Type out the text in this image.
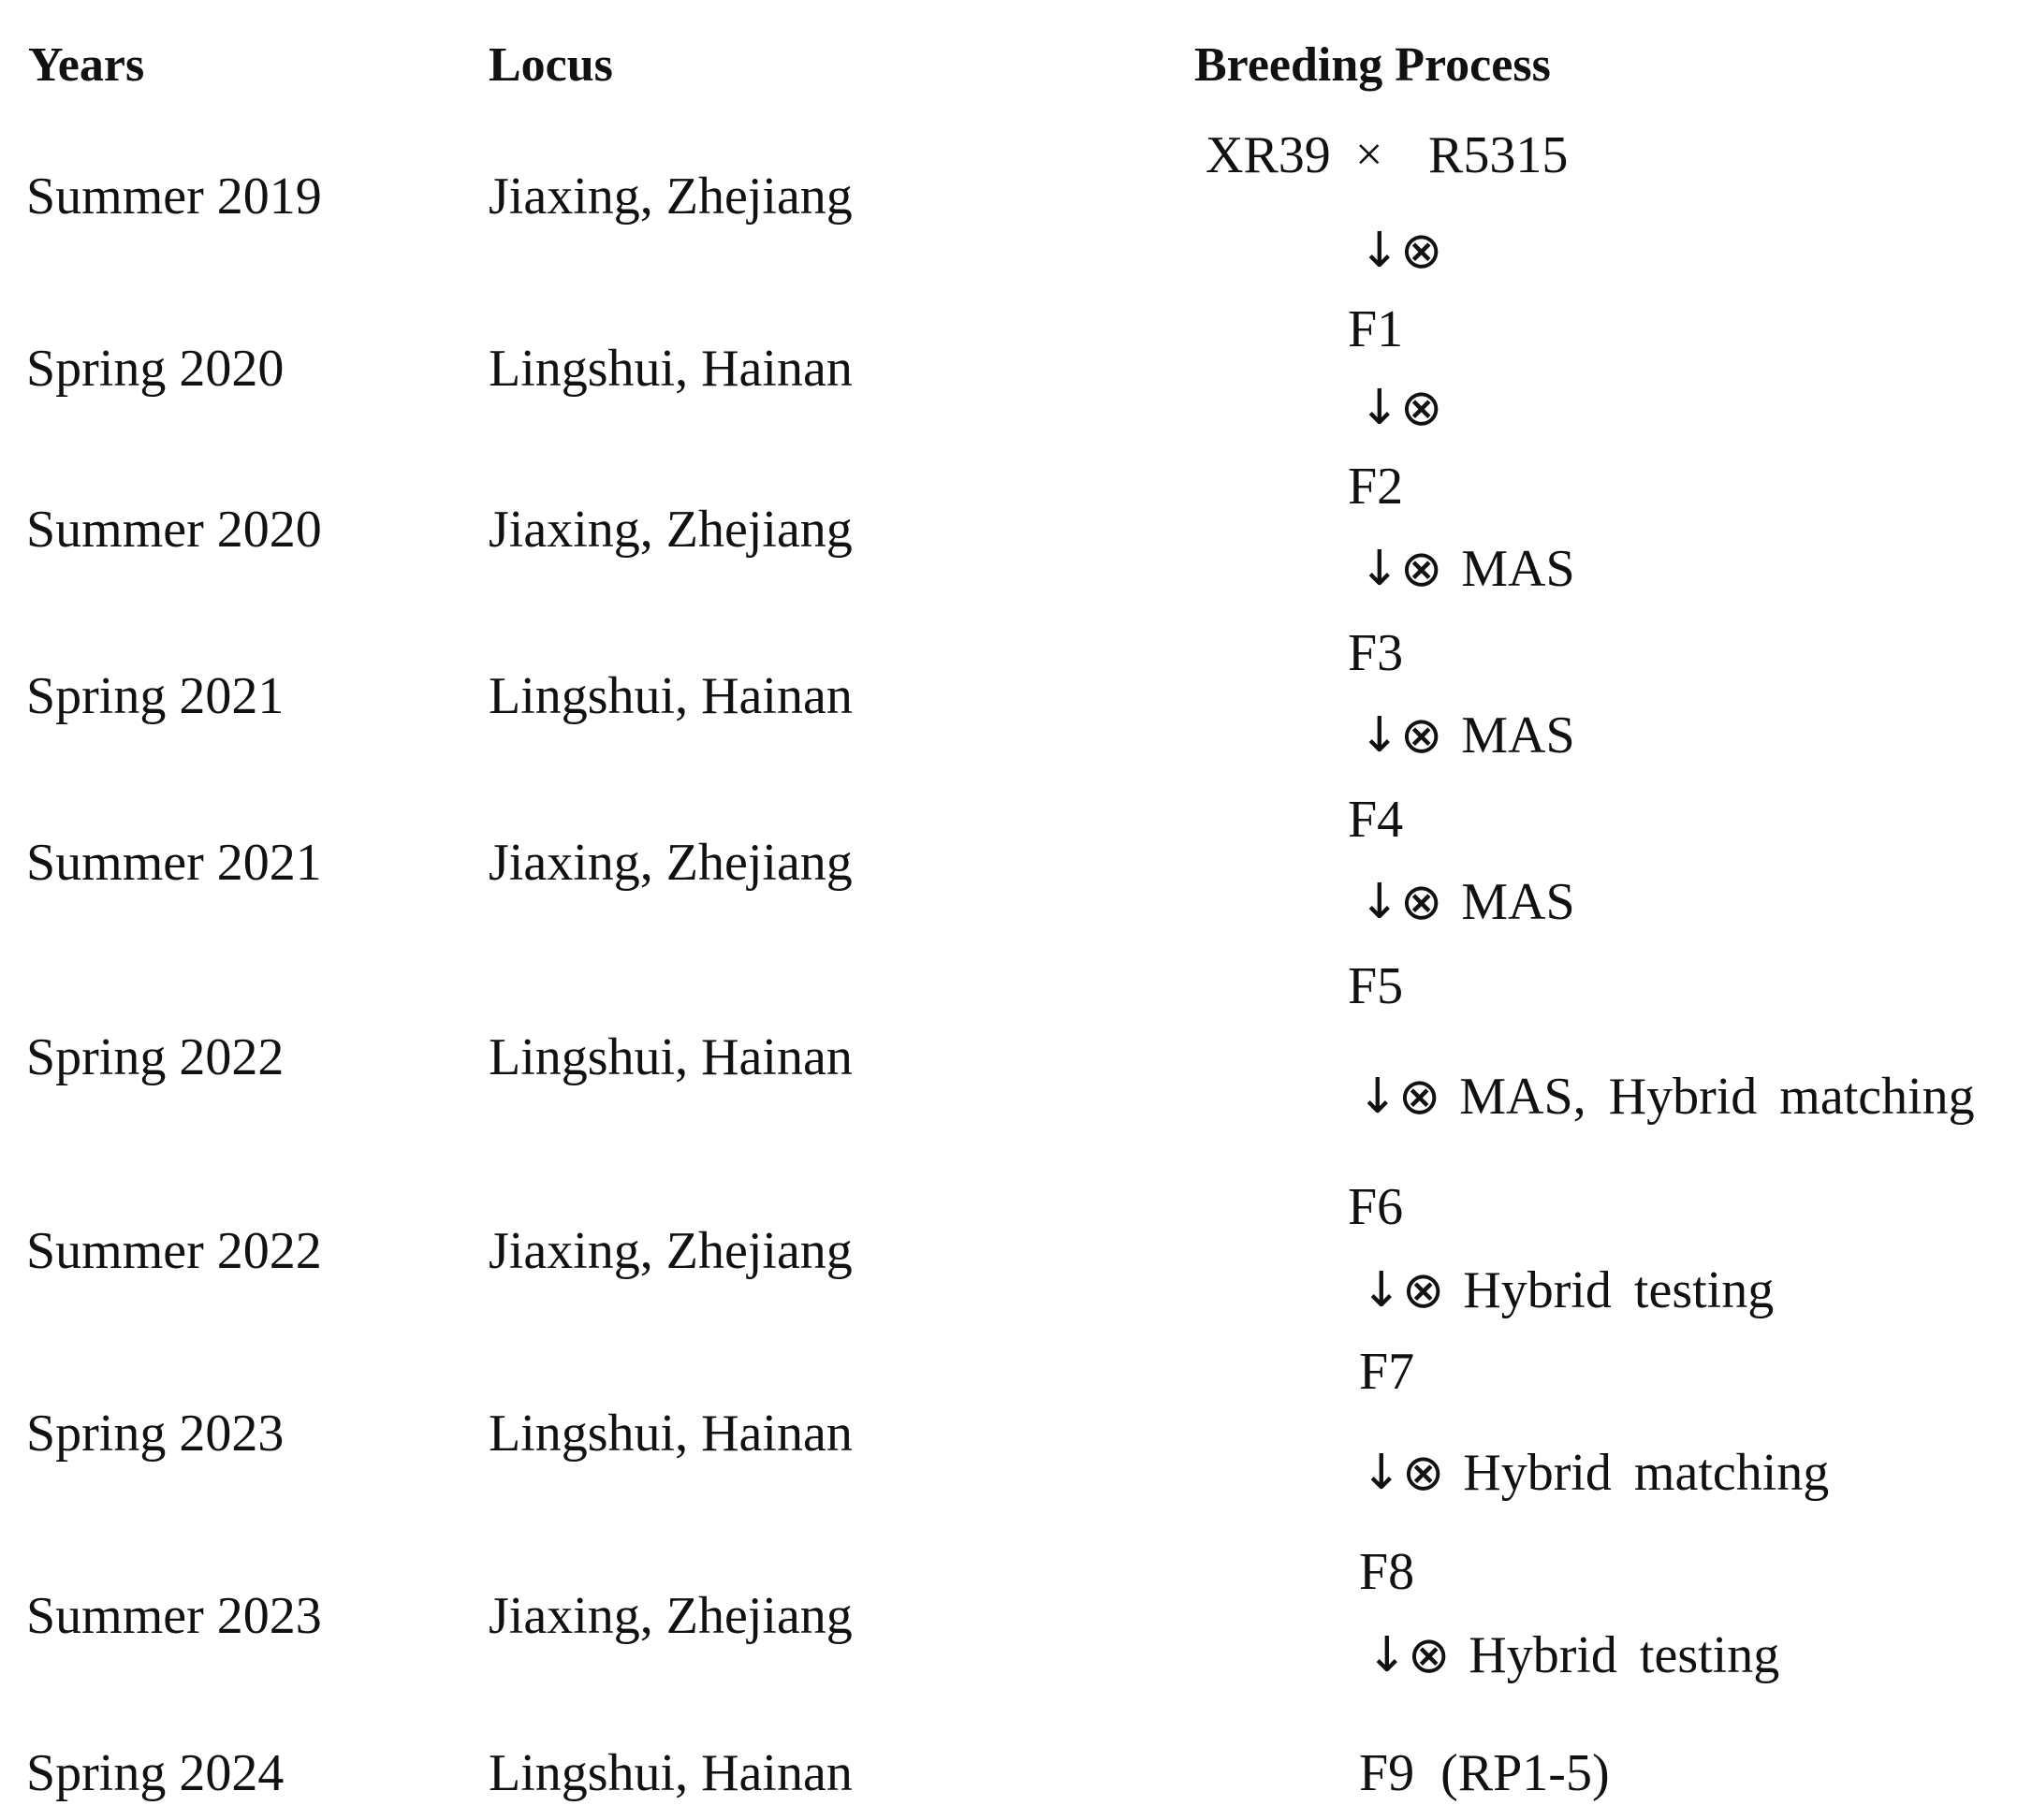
Years	Locus	Breeding Process
Summer 2019
Spring 2020
Summer 2020
Spring 2021
Summer 2021
Spring 2022
Summer 2022
Spring 2023
Summer 2023
Spring 2024
Jiaxing, Zhejiang
Lingshui, Hainan
Jiaxing, Zhejiang
Lingshui, Hainan
Jiaxing, Zhejiang
Lingshui, Hainan
Jiaxing, Zhejiang
Lingshui, Hainan
Jiaxing, Zhejiang
Lingshui, Hainan
XR39 × R5315
↓ ⊗
↓ ⊗
↓ ⊗ MAS
↓ ⊗ MAS
↓ ⊗ MAS
↓ ⊗ MAS, Hybrid matching
↓ ⊗ Hybrid testing
↓ ⊗ Hybrid matching
↓ ⊗ Hybrid testing
F1
F2
F3
F4
F5
F6
F7
F8
F9  (RP1-5)
